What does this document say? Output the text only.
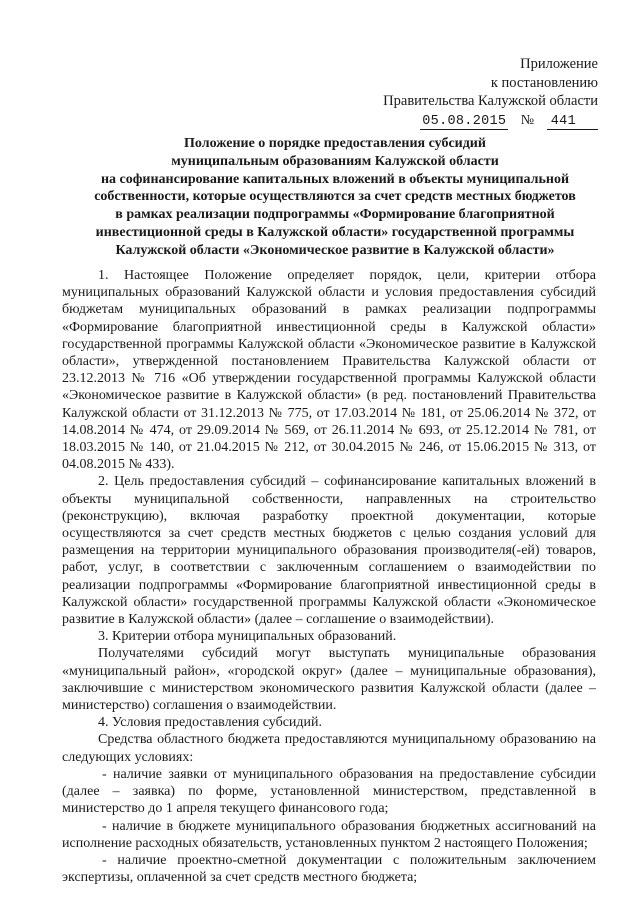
Приложение
к постановлению
Правительства Калужской области
05.08.2015 № 441
Положение о порядке предоставления субсидий
муниципальным образованиям Калужской области
на софинансирование капитальных вложений в объекты муниципальной
собственности, которые осуществляются за счет средств местных бюджетов
в рамках реализации подпрограммы «Формирование благоприятной
инвестиционной среды в Калужской области» государственной программы
Калужской области «Экономическое развитие в Калужской области»

1. Настоящее Положение определяет порядок, цели, критерии отбора муниципальных образований Калужской области и условия предоставления субсидий бюджетам муниципальных образований в рамках реализации подпрограммы «Формирование благоприятной инвестиционной среды в Калужской области» государственной программы Калужской области «Экономическое развитие в Калужской области», утвержденной постановлением Правительства Калужской области от 23.12.2013 № 716 «Об утверждении государственной программы Калужской области «Экономическое развитие в Калужской области» (в ред. постановлений Правительства Калужской области от 31.12.2013 № 775, от 17.03.2014 № 181, от 25.06.2014 № 372, от 14.08.2014 № 474, от 29.09.2014 № 569, от 26.11.2014 № 693, от 25.12.2014 № 781, от 18.03.2015 № 140, от 21.04.2015 № 212, от 30.04.2015 № 246, от 15.06.2015 № 313, от 04.08.2015 № 433).

2. Цель предоставления субсидий – софинансирование капитальных вложений в объекты муниципальной собственности, направленных на строительство (реконструкцию), включая разработку проектной документации, которые осуществляются за счет средств местных бюджетов с целью создания условий для размещения на территории муниципального образования производителя(-ей) товаров, работ, услуг, в соответствии с заключенным соглашением о взаимодействии по реализации подпрограммы «Формирование благоприятной инвестиционной среды в Калужской области» государственной программы Калужской области «Экономическое развитие в Калужской области» (далее – соглашение о взаимодействии).

3. Критерии отбора муниципальных образований.

Получателями субсидий могут выступать муниципальные образования «муниципальный район», «городской округ» (далее – муниципальные образования), заключившие с министерством экономического развития Калужской области (далее – министерство) соглашения о взаимодействии.

4. Условия предоставления субсидий.

Средства областного бюджета предоставляются муниципальному образованию на следующих условиях:

- наличие заявки от муниципального образования на предоставление субсидии (далее – заявка) по форме, установленной министерством, представленной в министерство до 1 апреля текущего финансового года;

- наличие в бюджете муниципального образования бюджетных ассигнований на исполнение расходных обязательств, установленных пунктом 2 настоящего Положения;

- наличие проектно-сметной документации с положительным заключением экспертизы, оплаченной за счет средств местного бюджета;
